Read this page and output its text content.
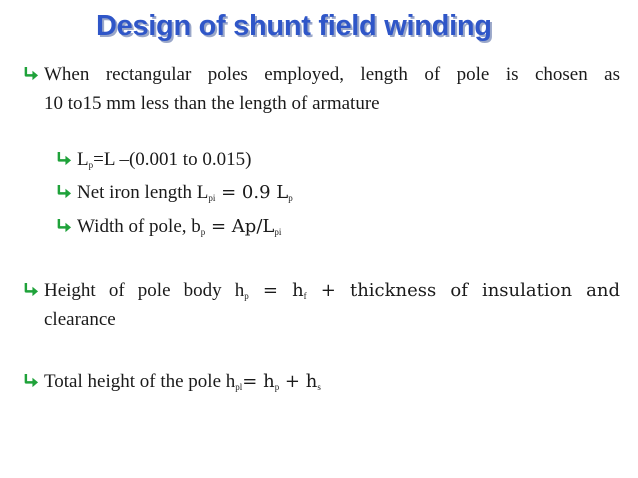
Design of shunt field winding
When rectangular poles employed, length of pole is chosen as
10 to15 mm less than the length of armature
$L_p=L$ –(0.001 to 0.015)
Net iron length $L_{pi} = 0.9$ $L_p$
Width of pole, $b_p = Ap/L_{pi}$
Height of pole body $h_p = h_f$ + thickness of insulation and
clearance
Total height of the pole $h_{pl}= h_p + h_s$
